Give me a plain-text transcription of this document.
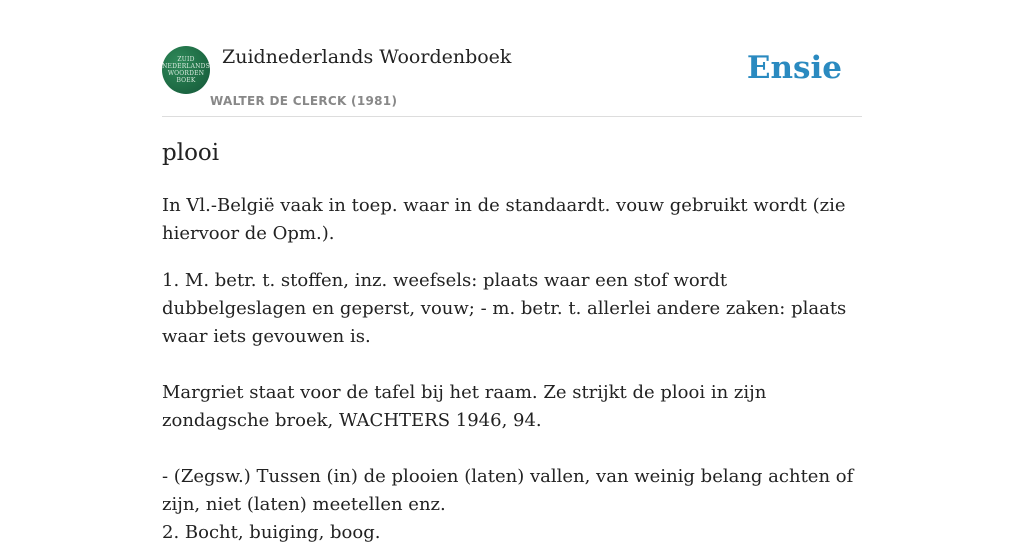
ZUID
NEDERLANDS
WOORDEN
BOEK
Zuidnederlands Woordenboek
WALTER DE CLERCK (1981)
Ensie
plooi

In Vl.-België vaak in toep. waar in de standaardt. vouw gebruikt wordt (zie hiervoor de Opm.).

1. M. betr. t. stoffen, inz. weefsels: plaats waar een stof wordt dubbelgeslagen en geperst, vouw; - m. betr. t. allerlei andere zaken: plaats waar iets gevouwen is.

Margriet staat voor de tafel bij het raam. Ze strijkt de plooi in zijn zondagsche broek, WACHTERS 1946, 94.

- (Zegsw.) Tussen (in) de plooien (laten) vallen, van weinig belang achten of zijn, niet (laten) meetellen enz.

2. Bocht, buiging, boog.
